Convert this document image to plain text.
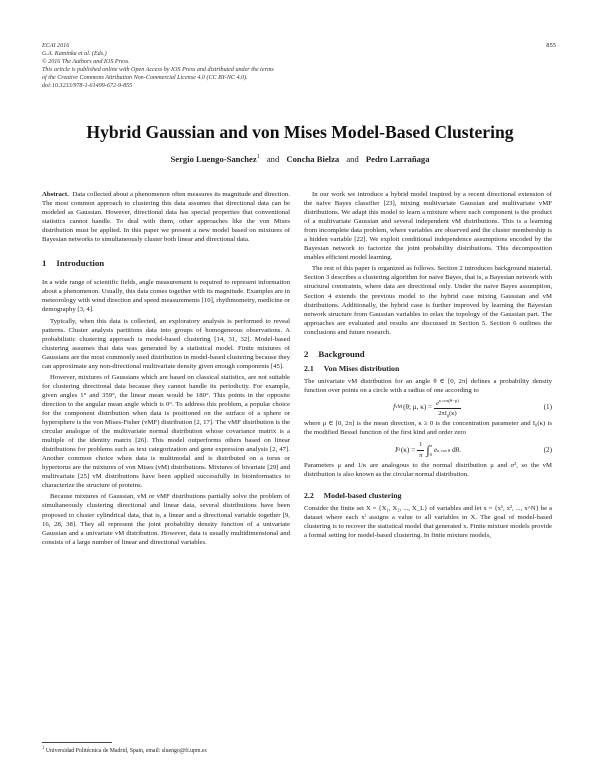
ECAI 2016
G.A. Kaminka et al. (Eds.)
© 2016 The Authors and IOS Press.
This article is published online with Open Access by IOS Press and distributed under the terms
of the Creative Commons Attribution Non-Commercial License 4.0 (CC BY-NC 4.0).
doi:10.3233/978-1-61499-672-9-855
855
Hybrid Gaussian and von Mises Model-Based Clustering
Sergio Luengo-Sanchez$^1$ and Concha Bielza and Pedro Larrañaga

Abstract. Data collected about a phenomenon often measures its magnitude and direction. The most common approach to clustering this data assumes that directional data can be modeled as Gaussian. However, directional data has special properties that conventional statistics cannot handle. To deal with them, other approaches like the von Mises distribution must be applied. In this paper we present a new model based on mixtures of Bayesian networks to simultaneously cluster both linear and directional data.

1 Introduction

In a wide range of scientific fields, angle measurement is required to represent information about a phenomenon. Usually, this data comes together with its magnitude. Examples are in meteorology with wind direction and speed measurements [10], rhythmometry, medicine or demography [3, 4].

Typically, when this data is collected, an exploratory analysis is performed to reveal patterns. Cluster analysis partitions data into groups of homogeneous observations. A probabilistic clustering approach is model-based clustering [14, 31, 32]. Model-based clustering assumes that data was generated by a statistical model. Finite mixtures of Gaussians are the most commonly used distribution in model-based clustering because they can approximate any non-directional multivariate density given enough components [45].

However, mixtures of Gaussians which are based on classical statistics, are not suitable for clustering directional data because they cannot handle its periodicity. For example, given angles 1° and 359°, the linear mean would be 180°. This points in the opposite direction to the angular mean angle which is 0°. To address this problem, a popular choice for the component distribution when data is positioned on the surface of a sphere or hypersphere is the von Mises-Fisher (vMF) distribution [2, 17]. The vMF distribution is the circular analogue of the multivariate normal distribution whose covariance matrix is a multiple of the identity matrix [26]. This model outperforms others based on linear distributions for problems such as text categorization and gene expression analysis [2, 47]. Another common choice when data is multimodal and is distributed on a torus or hypertorus are the mixtures of von Mises (vM) distributions. Mixtures of bivariate [29] and multivariate [25] vM distributions have been applied successfully in bioinformatics to characterize the structure of proteins.

Because mixtures of Gaussian, vM or vMF distributions partially solve the problem of simultaneously clustering directional and linear data, several distributions have been proposed to cluster cylindrical data, that is, a linear and a directional variable together [9, 16, 28, 38]. They all represent the joint probability density function of a univariate Gaussian and a univariate vM distribution. However, data is usually multidimensional and consists of a large number of linear and directional variables.

In our work we introduce a hybrid model inspired by a recent directional extension of the naive Bayes classifier [23], mixing multivariate Gaussian and multivariate vMF distributions. We adapt this model to learn a mixture where each component is the product of a multivariate Gaussian and several independent vM distributions. This is a learning from incomplete data problem, where variables are observed and the cluster membership is a hidden variable [22]. We exploit conditional independence assumptions encoded by the Bayesian network to factorize the joint probability distributions. This decomposition enables efficient model learning.

The rest of this paper is organized as follows. Section 2 introduces background material. Section 3 describes a clustering algorithm for naive Bayes, that is, a Bayesian network with structural constraints, where data are directional only. Under the naive Bayes assumption, Section 4 extends the previous model to the hybrid case mixing Gaussian and vM distributions. Additionally, the hybrid case is further improved by learning the Bayesian network structure from Gaussian variables to relax the topology of the Gaussian part. The approaches are evaluated and results are discussed in Section 5. Section 6 outlines the conclusions and future research.

2 Background
2.1 Von Mises distribution

The univariate vM distribution for an angle θ ∈ [0, 2π] defines a probability density function over points on a circle with a radius of one according to

f vM (θ; μ, $\kappa) = \frac{e^{\kappa cos(\theta-\mu)}}{2\pi I_0(\kappa)}$	(1)

where μ ∈ [0, 2π] is the mean direction, κ ≥ 0 is the concentration parameter and I₀(κ) is the modified Bessel function of the first kind and order zero

I 0 $(\kappa) = \frac{1}{\pi}$ ∫ π
0
e κ cos θ dθ.	(2)

Parameters μ and 1/κ are analogous to the normal distribution μ and σ², so the vM distribution is also known as the circular normal distribution.

2.2 Model-based clustering

Consider the finite set X = {X₁, X₂, ..., X_L} of variables and let x = {x¹, x², ..., x^N} be a dataset where each xⁱ assigns a value to all variables in X. The goal of model-based clustering is to recover the statistical model that generated x. Finite mixture models provide a formal setting for model-based clustering. In finite mixture models,

$^1$ Universidad Politécnica de Madrid, Spain, email: sluengo@fi.upm.es
